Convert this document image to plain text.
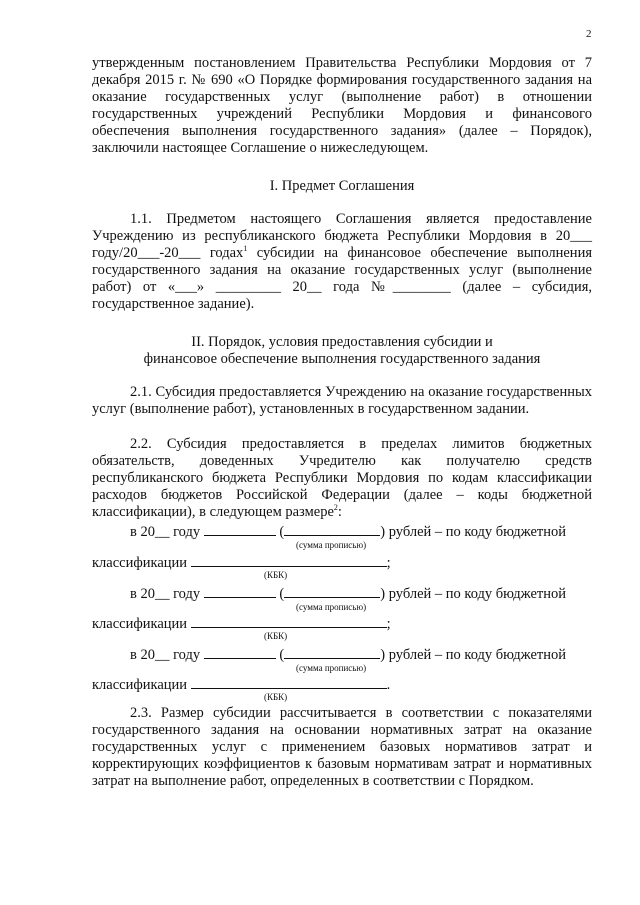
2
утвержденным постановлением Правительства Республики Мордовия от 7 декабря 2015 г. № 690 «О Порядке формирования государственного задания на оказание государственных услуг (выполнение работ) в отношении государственных учреждений Республики Мордовия и финансового обеспечения выполнения государственного задания» (далее – Порядок), заключили настоящее Соглашение о нижеследующем.
I. Предмет Соглашения
1.1. Предметом настоящего Соглашения является предоставление Учреждению из республиканского бюджета Республики Мордовия в 20___ году/20___-20___ годах$^1$ субсидии на финансовое обеспечение выполнения государственного задания на оказание государственных услуг (выполнение работ) от «___» _________ 20__ года №________ (далее – субсидия, государственное задание).
II. Порядок, условия предоставления субсидии и
финансовое обеспечение выполнения государственного задания
2.1. Субсидия предоставляется Учреждению на оказание государственных услуг (выполнение работ), установленных в государственном задании.
2.2. Субсидия предоставляется в пределах лимитов бюджетных обязательств, доведенных Учредителю как получателю средств республиканского бюджета Республики Мордовия по кодам классификации расходов бюджетов Российской Федерации (далее – коды бюджетной классификации), в следующем размере$^2$:
в 20__ году	(	) рублей – по коду бюджетной
(сумма прописью)
классификации	;
(КБК)
в 20__ году	(	) рублей – по коду бюджетной
(сумма прописью)
классификации	;
(КБК)
в 20__ году	(	) рублей – по коду бюджетной
(сумма прописью)
классификации	.
(КБК)
2.3. Размер субсидии рассчитывается в соответствии с показателями государственного задания на основании нормативных затрат на оказание государственных услуг с применением базовых нормативов затрат и корректирующих коэффициентов к базовым нормативам затрат и нормативных затрат на выполнение работ, определенных в соответствии с Порядком.
